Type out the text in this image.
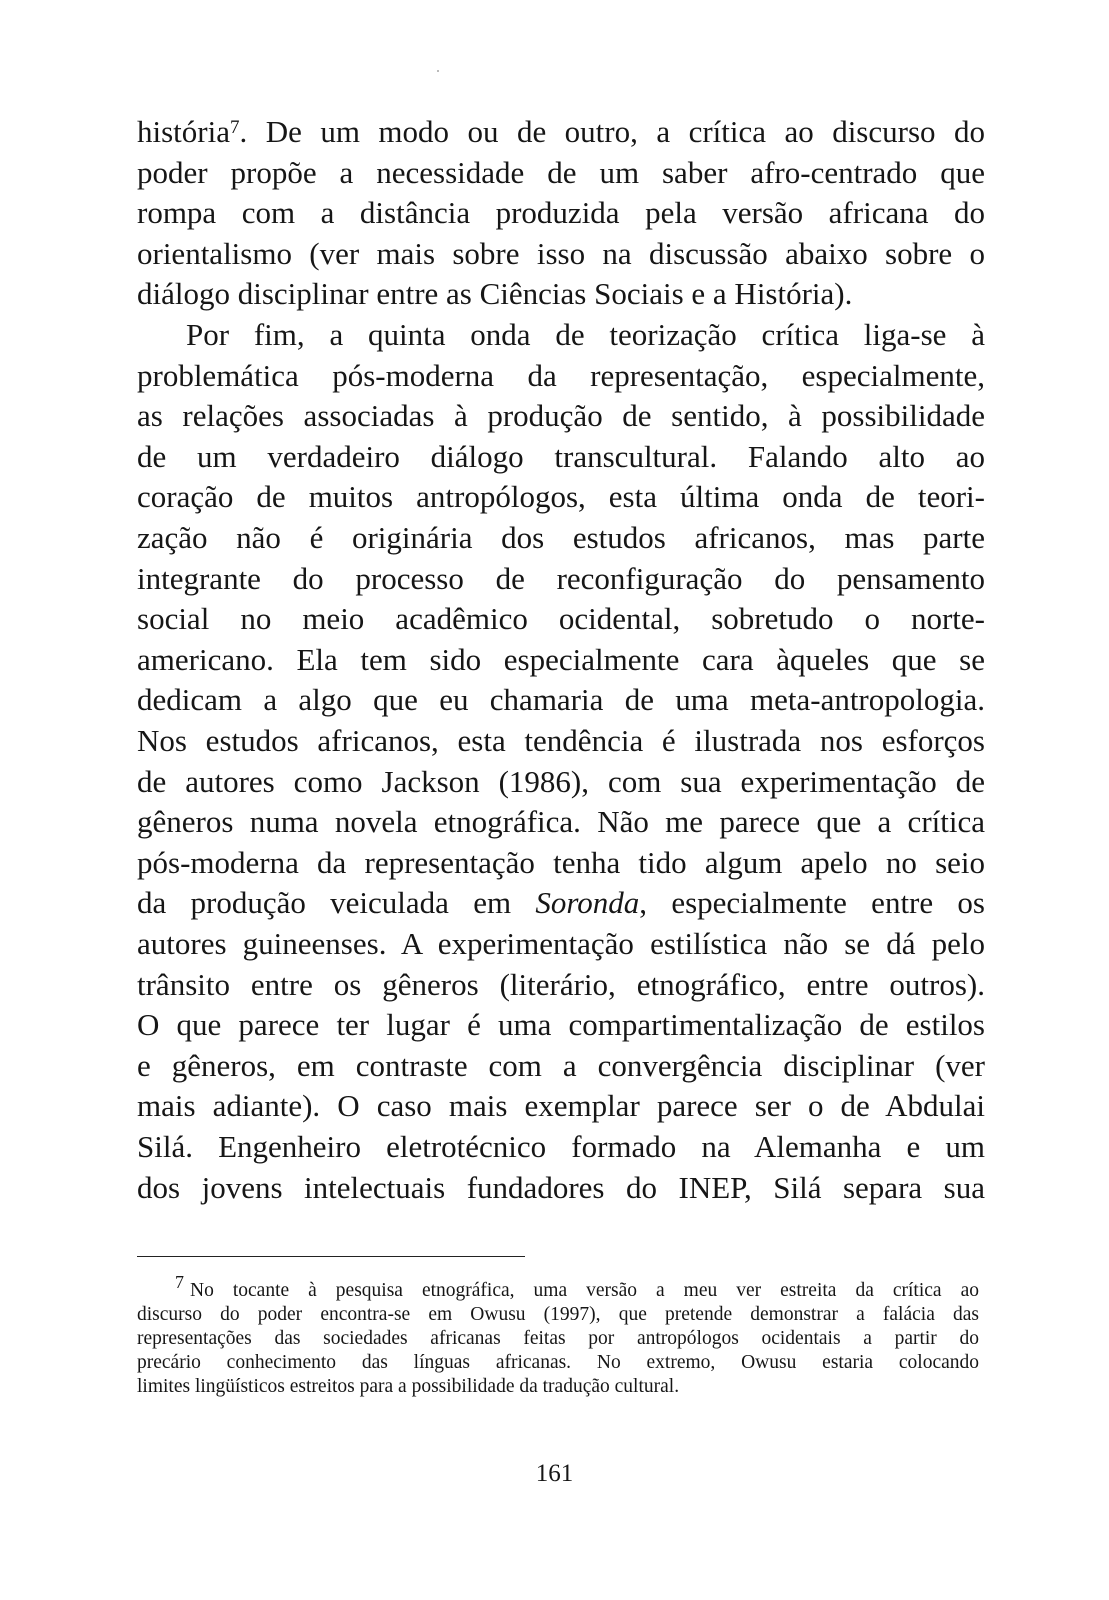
história$^7$. De um modo ou de outro, a crítica ao discurso do
poder propõe a necessidade de um saber afro-centrado que
rompa com a distância produzida pela versão africana do
orientalismo (ver mais sobre isso na discussão abaixo sobre o
diálogo disciplinar entre as Ciências Sociais e a História).
Por fim, a quinta onda de teorização crítica liga-se à
problemática pós-moderna da representação, especialmente,
as relações associadas à produção de sentido, à possibilidade
de um verdadeiro diálogo transcultural. Falando alto ao
coração de muitos antropólogos, esta última onda de teori-
zação não é originária dos estudos africanos, mas parte
integrante do processo de reconfiguração do pensamento
social no meio acadêmico ocidental, sobretudo o norte-
americano. Ela tem sido especialmente cara àqueles que se
dedicam a algo que eu chamaria de uma meta-antropologia.
Nos estudos africanos, esta tendência é ilustrada nos esforços
de autores como Jackson (1986), com sua experimentação de
gêneros numa novela etnográfica. Não me parece que a crítica
pós-moderna da representação tenha tido algum apelo no seio
da produção veiculada em Soronda, especialmente entre os
autores guineenses. A experimentação estilística não se dá pelo
trânsito entre os gêneros (literário, etnográfico, entre outros).
O que parece ter lugar é uma compartimentalização de estilos
e gêneros, em contraste com a convergência disciplinar (ver
mais adiante). O caso mais exemplar parece ser o de Abdulai
Silá. Engenheiro eletrotécnico formado na Alemanha e um
dos jovens intelectuais fundadores do INEP, Silá separa sua
7 No tocante à pesquisa etnográfica, uma versão a meu ver estreita da crítica ao
discurso do poder encontra-se em Owusu (1997), que pretende demonstrar a falácia das
representações das sociedades africanas feitas por antropólogos ocidentais a partir do
precário conhecimento das línguas africanas. No extremo, Owusu estaria colocando
limites lingüísticos estreitos para a possibilidade da tradução cultural.
161
